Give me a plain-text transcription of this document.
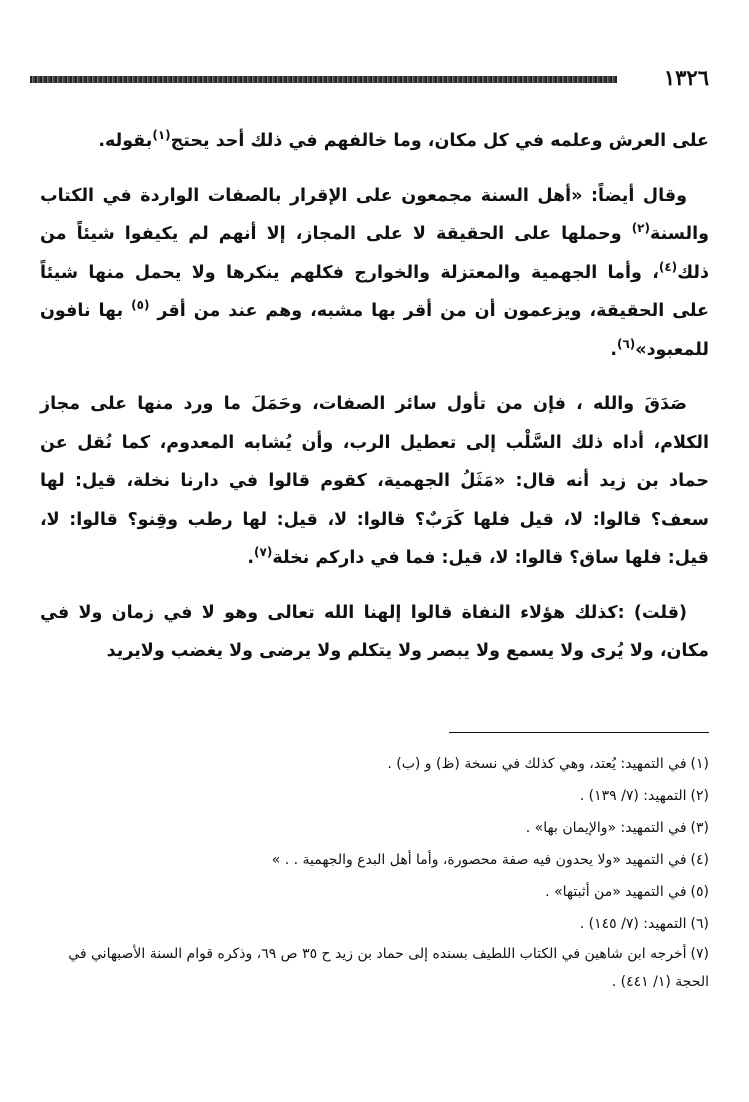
١٣٢٦

على العرش وعلمه في كل مكان، وما خالفهم في ذلك أحد يحتج$^{(١)}$بقوله.

وقال أيضاً: «أهل السنة مجمعون على الإقرار بالصفات الواردة في الكتاب والسنة$^{(٢)}$ وحملها على الحقيقة لا على المجاز، إلا أنهم لم يكيفوا شيئاً من ذلك$^{(٤)}$، وأما الجهمية والمعتزلة والخوارج فكلهم ينكرها ولا يحمل منها شيئاً على الحقيقة، ويزعمون أن من أقر بها مشبه، وهم عند من أقر $^{(٥)}$ بها نافون للمعبود»$^{(٦)}$.

صَدَقَ والله ، فإن من تأول سائر الصفات، وحَمَلَ ما ورد منها على مجاز الكلام، أداه ذلك السَّلْب إلى تعطيل الرب، وأن يُشابه المعدوم، كما نُقل عن حماد بن زيد أنه قال: «مَثَلُ الجهمية، كقوم قالوا في دارنا نخلة، قيل: لها سعف؟ قالوا: لا، قيل فلها كَرَبٌ؟ قالوا: لا، قيل: لها رطب وقِنو؟ قالوا: لا، قيل: فلها ساق؟ قالوا: لا، قيل: فما في داركم نخلة$^{(٧)}$.

(قلت) :كذلك هؤلاء النفاة قالوا إلهنا الله تعالى وهو لا في زمان ولا في مكان، ولا يُرى ولا يسمع ولا يبصر ولا يتكلم ولا يرضى ولا يغضب ولايريد

(١)في التمهيد: يُعتد، وهي كذلك في نسخة (ظ) و (ب) .
(٢)التمهيد: (٧/ ١٣٩) .
(٣)في التمهيد: «والإيمان بها» .
(٤)في التمهيد «ولا يحدون فيه صفة محصورة، وأما أهل البدع والجهمية . . »
(٥)في التمهيد «من أثبتها» .
(٦)التمهيد: (٧/ ١٤٥) .
(٧)أخرجه ابن شاهين في الكتاب اللطيف بسنده إلى حماد بن زيد ح ٣٥ ص ٦٩، وذكره قوام السنة الأصبهاني في الحجة (١/ ٤٤١) .
